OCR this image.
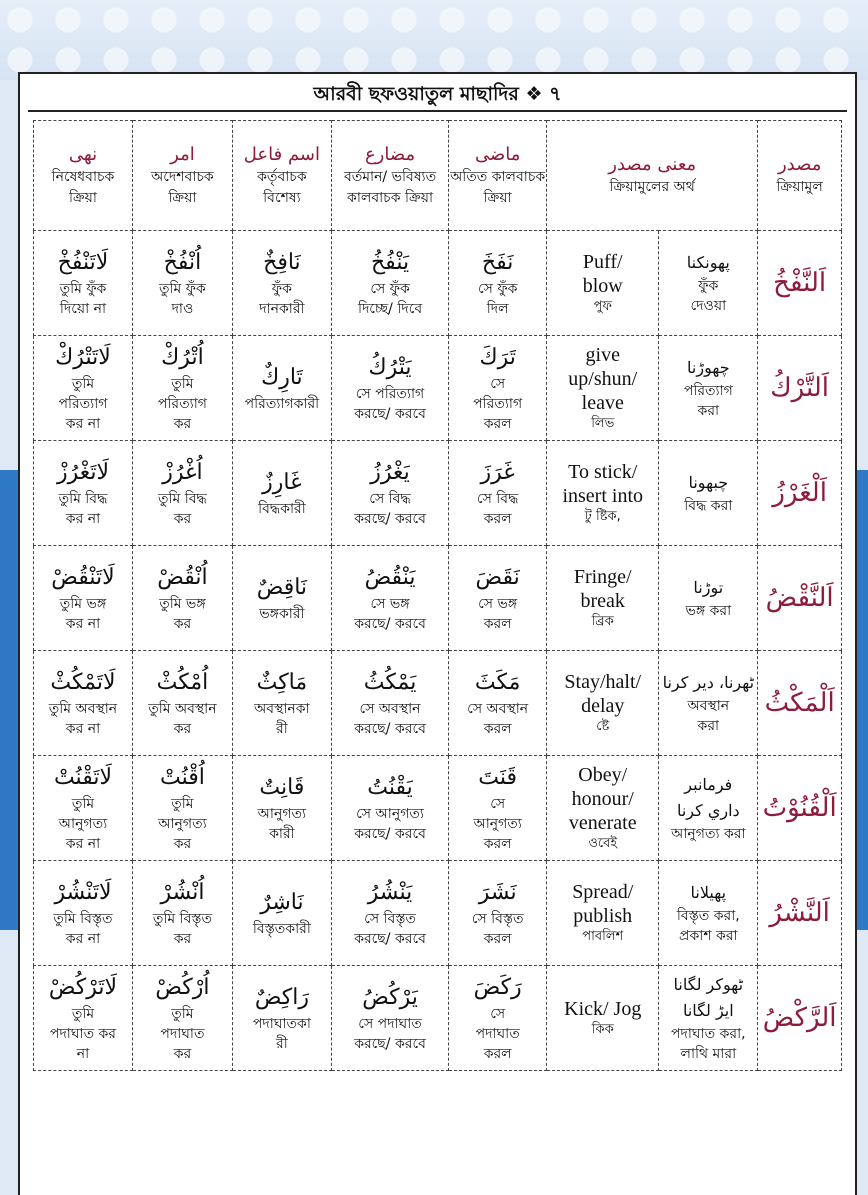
আরবী ছফওয়াতুল মাছাদির ❖ ৭
نهى
নিষেধবাচক
ক্রিয়া	امر
অদেশবাচক
ক্রিয়া	اسم فاعل
কর্তৃবাচক
বিশেষ্য	مضارع
বর্তমান/ ভবিষ্যত
কালবাচক ক্রিয়া	ماضى
অতিত কালবাচক
ক্রিয়া	معنى مصدر
ক্রিয়ামুলের অর্থ		مصدر
ক্রিয়ামুল

لَاتَنْفُخْ
তুমি ফুঁক
দিয়ো না	اُنْفُخْ
তুমি ফুঁক
দাও	نَافِخٌ
ফুঁক
দানকারী	يَنْفُخُ
সে ফুঁক
দিচ্ছে/ দিবে	نَفَخَ
সে ফুঁক
দিল	Puff/
blow
পুফ	پھونکنا
ফুঁক
দেওয়া	اَلنَّفْخُ

لَاتَتْرُكْ
তুমি
পরিত্যাগ
কর না	اُتْرُكْ
তুমি
পরিত্যাগ
কর	تَارِكٌ
পরিত্যাগকারী	يَتْرُكُ
সে পরিত্যাগ
করছে/ করবে	تَرَكَ
সে
পরিত্যাগ
করল	give
up/shun/
leave
লিভ	چھوڑنا
পরিত্যাগ
করা	اَلتَّرْكُ

لَاتَغْرُزْ
তুমি বিদ্ধ
কর না	اُغْرُزْ
তুমি বিদ্ধ
কর	غَارِزٌ
বিদ্ধকারী	يَغْرُزُ
সে বিদ্ধ
করছে/ করবে	غَرَزَ
সে বিদ্ধ
করল	To stick/
insert into
টু ষ্টিক,	چبھونا
বিদ্ধ করা	اَلْغَرْزُ

لَاتَنْقُضْ
তুমি ভঙ্গ
কর না	اُنْقُضْ
তুমি ভঙ্গ
কর	نَاقِضٌ
ভঙ্গকারী	يَنْقُضُ
সে ভঙ্গ
করছে/ করবে	نَقَضَ
সে ভঙ্গ
করল	Fringe/
break
ব্রিক	توڑنا
ভঙ্গ করা	اَلنَّقْضُ

لَاتَمْكُثْ
তুমি অবস্থান
কর না	اُمْكُثْ
তুমি অবস্থান
কর	مَاكِثٌ
অবস্থানকা
রী	يَمْكُثُ
সে অবস্থান
করছে/ করবে	مَكَثَ
সে অবস্থান
করল	Stay/halt/
delay
ষ্টে	ٹھرنا، دیر کرنا
অবস্থান
করা	اَلْمَكْثُ

لَاتَقْنُتْ
তুমি
আনুগত্য
কর না	اُقْنُتْ
তুমি
আনুগত্য
কর	قَانِتٌ
আনুগত্য
কারী	يَقْنُتُ
সে আনুগত্য
করছে/ করবে	قَنَتَ
সে
আনুগত্য
করল	Obey/
honour/
venerate
ওবেই	فرمانبر
داري كرنا
আনুগত্য করা	اَلْقُنُوْتُ

لَاتَنْشُرْ
তুমি বিস্তৃত
কর না	اُنْشُرْ
তুমি বিস্তৃত
কর	نَاشِرٌ
বিস্তৃতকারী	يَنْشُرُ
সে বিস্তৃত
করছে/ করবে	نَشَرَ
সে বিস্তৃত
করল	Spread/
publish
পাবলিশ	پھیلانا
বিস্তৃত করা,
প্রকাশ করা	اَلنَّشْرُ

لَاتَرْكُضْ
তুমি
পদাঘাত কর
না	اُرْكُضْ
তুমি
পদাঘাত
কর	رَاكِضٌ
পদাঘাতকা
রী	يَرْكُضُ
সে পদাঘাত
করছে/ করবে	رَكَضَ
সে
পদাঘাত
করল	Kick/ Jog
কিক	ٹھوکر لگانا
ایڑ لگانا
পদাঘাত করা,
লাথি মারা	اَلرَّكْضُ
